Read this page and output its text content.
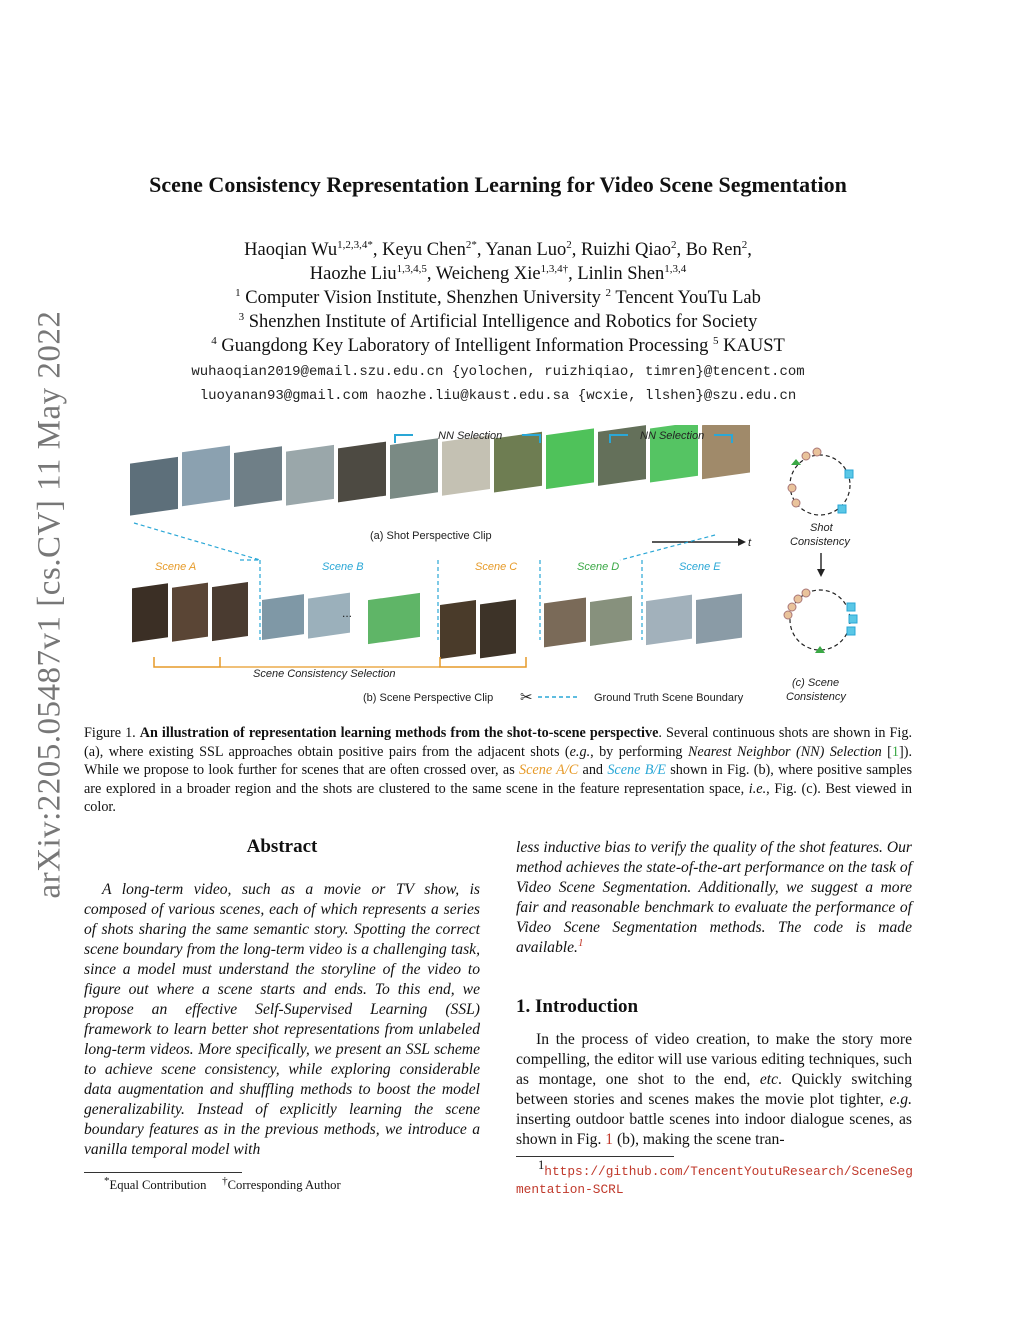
arXiv:2205.05487v1 [cs.CV] 11 May 2022
Scene Consistency Representation Learning for Video Scene Segmentation
Haoqian $Wu^{1,2,3,4*}$, Keyu Chen$^{2*}$, Yanan Luo$^2$, Ruizhi Qiao$^2$, Bo Ren$^2$,
Haozhe Liu$^{1,3,4,5}$, Weicheng Xie$^{1,3,4\dagger}$, Linlin Shen$^{1,3,4}$
$^1$ Computer Vision Institute, Shenzhen University $^2$ Tencent YouTu Lab
$^3$ Shenzhen Institute of Artificial Intelligence and Robotics for Society
$^4$ Guangdong Key Laboratory of Intelligent Information Processing $^5$ KAUST
wuhaoqian2019@email.szu.edu.cn {yolochen, ruizhiqiao, timren}@tencent.com
luoyanan93@gmail.com haozhe.liu@kaust.edu.sa {wcxie, llshen}@szu.edu.cn
NN Selection	NN Selection
(a) Shot Perspective Clip
t
Scene A	Scene B	Scene C	Scene D	Scene E
...
Scene Consistency Selection
(b) Scene Perspective Clip ✂	Ground Truth Scene Boundary
Shot
Consistency
(c) Scene
Consistency
Figure 1. An illustration of representation learning methods from the shot-to-scene perspective. Several continuous shots are shown in Fig. (a), where existing SSL approaches obtain positive pairs from the adjacent shots (e.g., by performing Nearest Neighbor (NN) Selection [1]). While we propose to look further for scenes that are often crossed over, as Scene A/C and Scene B/E shown in Fig. (b), where positive samples are explored in a broader region and the shots are clustered to the same scene in the feature representation space, i.e., Fig. (c). Best viewed in color.
Abstract
A long-term video, such as a movie or TV show, is composed of various scenes, each of which represents a series of shots sharing the same semantic story. Spotting the correct scene boundary from the long-term video is a challenging task, since a model must understand the storyline of the video to figure out where a scene starts and ends. To this end, we propose an effective Self-Supervised Learning (SSL) framework to learn better shot representations from unlabeled long-term videos. More specifically, we present an SSL scheme to achieve scene consistency, while exploring considerable data augmentation and shuffling methods to boost the model generalizability. Instead of explicitly learning the scene boundary features as in the previous methods, we introduce a vanilla temporal model with
less inductive bias to verify the quality of the shot features. Our method achieves the state-of-the-art performance on the task of Video Scene Segmentation. Additionally, we suggest a more fair and reasonable benchmark to evaluate the performance of Video Scene Segmentation methods. The code is made available.$^1$
1. Introduction
In the process of video creation, to make the story more compelling, the editor will use various editing techniques, such as montage, one shot to the end, etc. Quickly switching between stories and scenes makes the movie plot tighter, e.g. inserting outdoor battle scenes into indoor dialogue scenes, as shown in Fig. 1 (b), making the scene tran-
*Equal Contribution †Corresponding Author
$^1$https://github.com/TencentYoutuResearch/SceneSegmentation-SCRL
